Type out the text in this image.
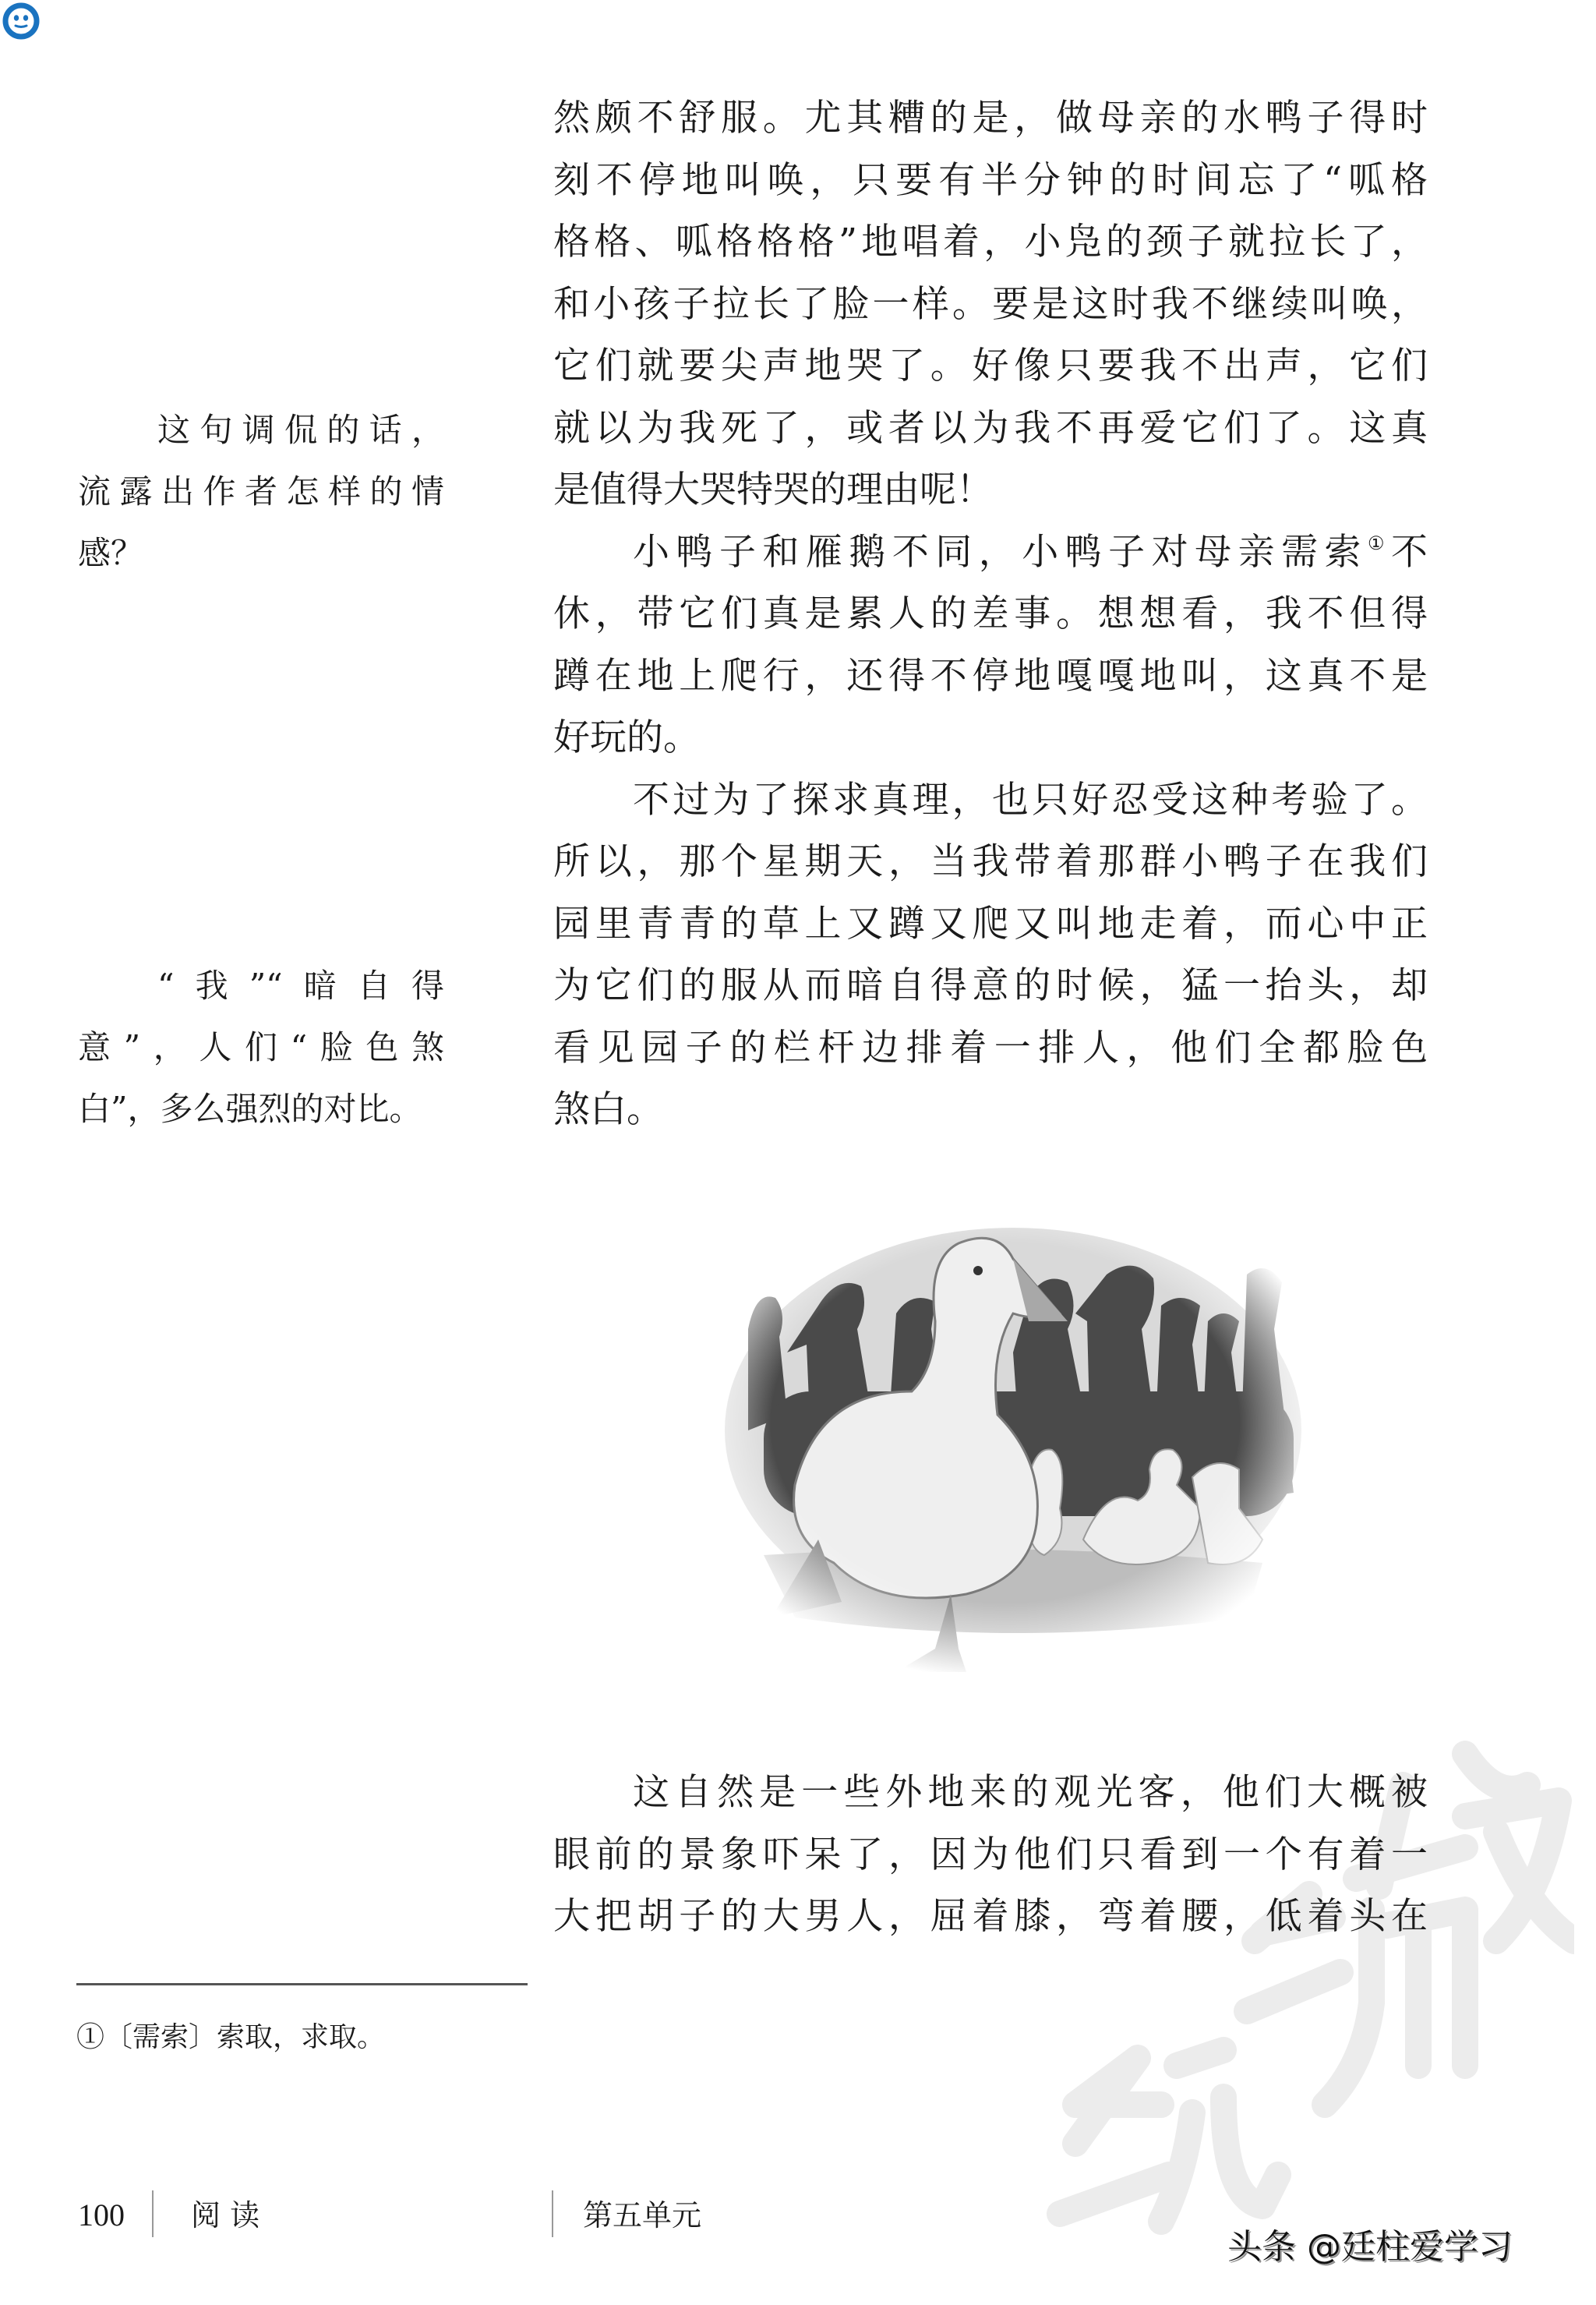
然颇不舒服。尤其糟的是，做母亲的水鸭子得时
刻不停地叫唤，只要有半分钟的时间忘了“呱格
格格、呱格格格”地唱着，小凫的颈子就拉长了，
和小孩子拉长了脸一样。要是这时我不继续叫唤，
它们就要尖声地哭了。好像只要我不出声，它们
就以为我死了，或者以为我不再爱它们了。这真
是值得大哭特哭的理由呢！
小鸭子和雁鹅不同，小鸭子对母亲需索①不
休，带它们真是累人的差事。想想看，我不但得
蹲在地上爬行，还得不停地嘎嘎地叫，这真不是
好玩的。
不过为了探求真理，也只好忍受这种考验了。
所以，那个星期天，当我带着那群小鸭子在我们
园里青青的草上又蹲又爬又叫地走着，而心中正
为它们的服从而暗自得意的时候，猛一抬头，却
看见园子的栏杆边排着一排人，他们全都脸色
煞白。
这句调侃的话，
流露出作者怎样的情
感？
“我”“暗自得
意”，人们“脸色煞
白”，多么强烈的对比。
这自然是一些外地来的观光客，他们大概被
眼前的景象吓呆了，因为他们只看到一个有着一
大把胡子的大男人，屈着膝，弯着腰，低着头在
①〔需索〕索取，求取。
100 阅 读	第五单元
头条 @廷柱爱学习
